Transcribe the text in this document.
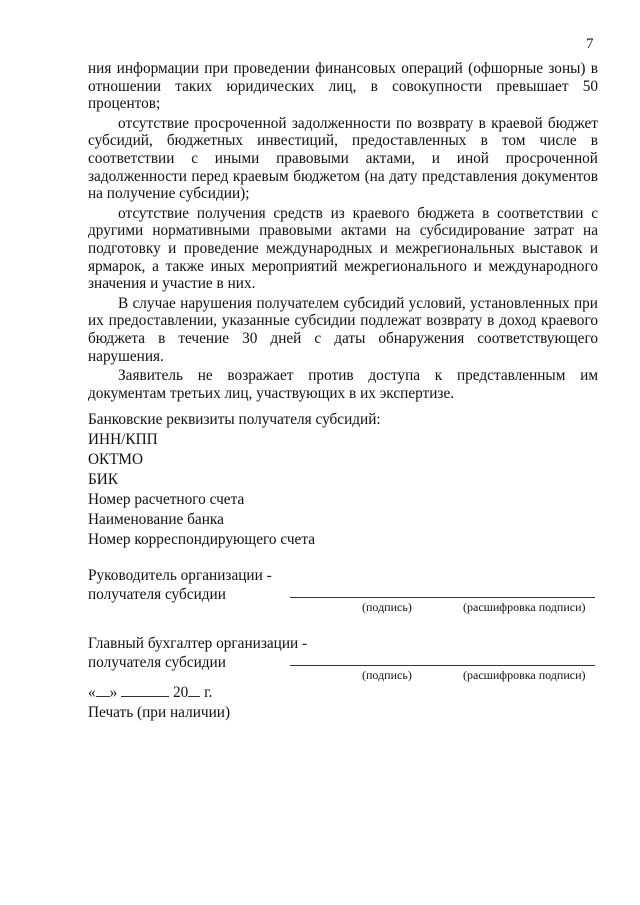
7

ния информации при проведении финансовых операций (офшорные зоны) в отношении таких юридических лиц, в совокупности превышает 50 процентов;

отсутствие просроченной задолженности по возврату в краевой бюджет субсидий, бюджетных инвестиций, предоставленных в том числе в соответствии с иными правовыми актами, и иной просроченной задолженности перед краевым бюджетом (на дату представления документов на получение субсидии);

отсутствие получения средств из краевого бюджета в соответствии с другими нормативными правовыми актами на субсидирование затрат на подготовку и проведение международных и межрегиональных выставок и ярмарок, а также иных мероприятий межрегионального и международного значения и участие в них.

В случае нарушения получателем субсидий условий, установленных при их предоставлении, указанные субсидии подлежат возврату в доход краевого бюджета в течение 30 дней с даты обнаружения соответствующего нарушения.

Заявитель не возражает против доступа к представленным им документам третьих лиц, участвующих в их экспертизе.

Банковские реквизиты получателя субсидий:
ИНН/КПП
ОКТМО
БИК
Номер расчетного счета
Наименование банка
Номер корреспондирующего счета
Руководитель организации -
получателя субсидии
(подпись)	(расшифровка подписи)
Главный бухгалтер организации -
получателя субсидии
(подпись)	(расшифровка подписи)
« »	20 г.
Печать (при наличии)
